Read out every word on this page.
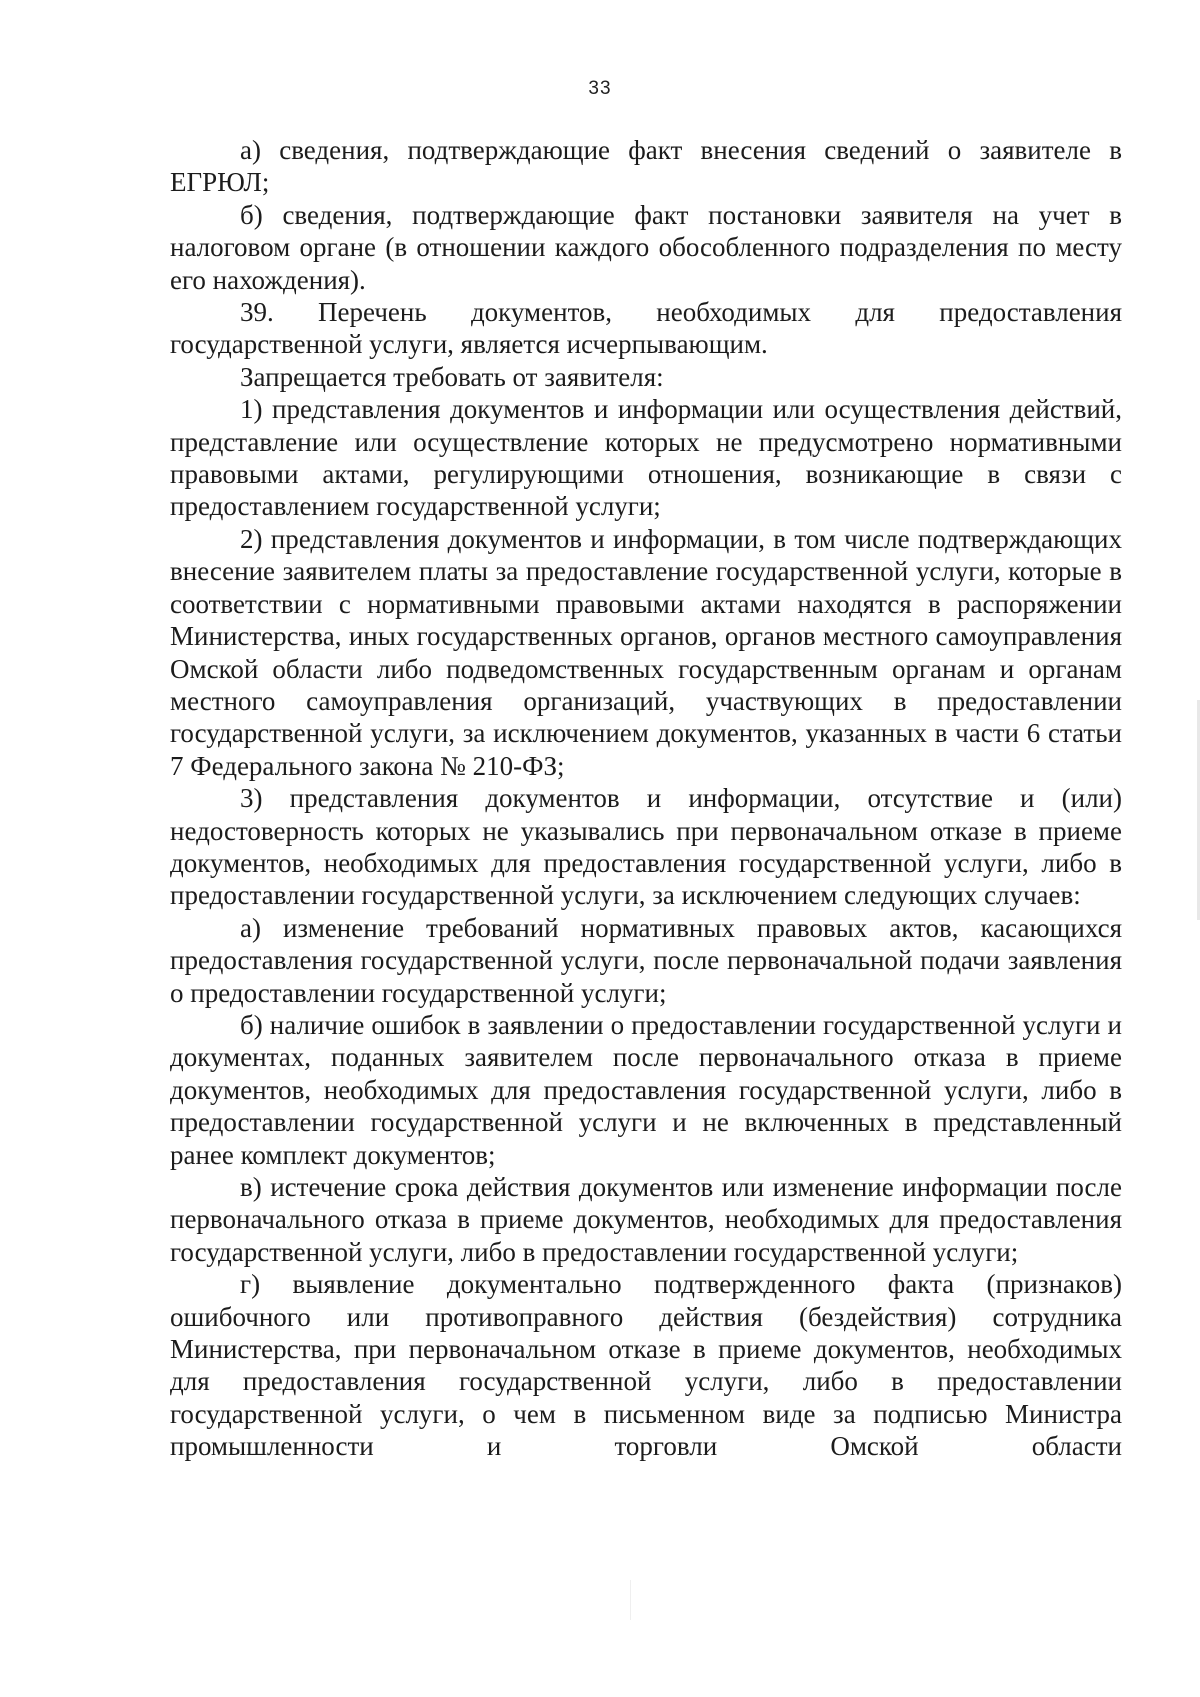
33

а) сведения, подтверждающие факт внесения сведений о заявителе в ЕГРЮЛ;

б) сведения, подтверждающие факт постановки заявителя на учет в налоговом органе (в отношении каждого обособленного подразделения по месту его нахождения).

39. Перечень документов, необходимых для предоставления государственной услуги, является исчерпывающим.

Запрещается требовать от заявителя:

1) представления документов и информации или осуществления действий, представление или осуществление которых не предусмотрено нормативными правовыми актами, регулирующими отношения, возникающие в связи с предоставлением государственной услуги;

2) представления документов и информации, в том числе подтверждающих внесение заявителем платы за предоставление государственной услуги, которые в соответствии с нормативными правовыми актами находятся в распоряжении Министерства, иных государственных органов, органов местного самоуправления Омской области либо подведомственных государственным органам и органам местного самоуправления организаций, участвующих в предоставлении государственной услуги, за исключением документов, указанных в части 6 статьи 7 Федерального закона № 210-ФЗ;

3) представления документов и информации, отсутствие и (или) недостоверность которых не указывались при первоначальном отказе в приеме документов, необходимых для предоставления государственной услуги, либо в предоставлении государственной услуги, за исключением следующих случаев:

а) изменение требований нормативных правовых актов, касающихся предоставления государственной услуги, после первоначальной подачи заявления о предоставлении государственной услуги;

б) наличие ошибок в заявлении о предоставлении государственной услуги и документах, поданных заявителем после первоначального отказа в приеме документов, необходимых для предоставления государственной услуги, либо в предоставлении государственной услуги и не включенных в представленный ранее комплект документов;

в) истечение срока действия документов или изменение информации после первоначального отказа в приеме документов, необходимых для предоставления государственной услуги, либо в предоставлении государственной услуги;

г) выявление документально подтвержденного факта (признаков) ошибочного или противоправного действия (бездействия) сотрудника Министерства, при первоначальном отказе в приеме документов, необходимых для предоставления государственной услуги, либо в предоставлении государственной услуги, о чем в письменном виде за подписью Министра промышленности и торговли Омской области
